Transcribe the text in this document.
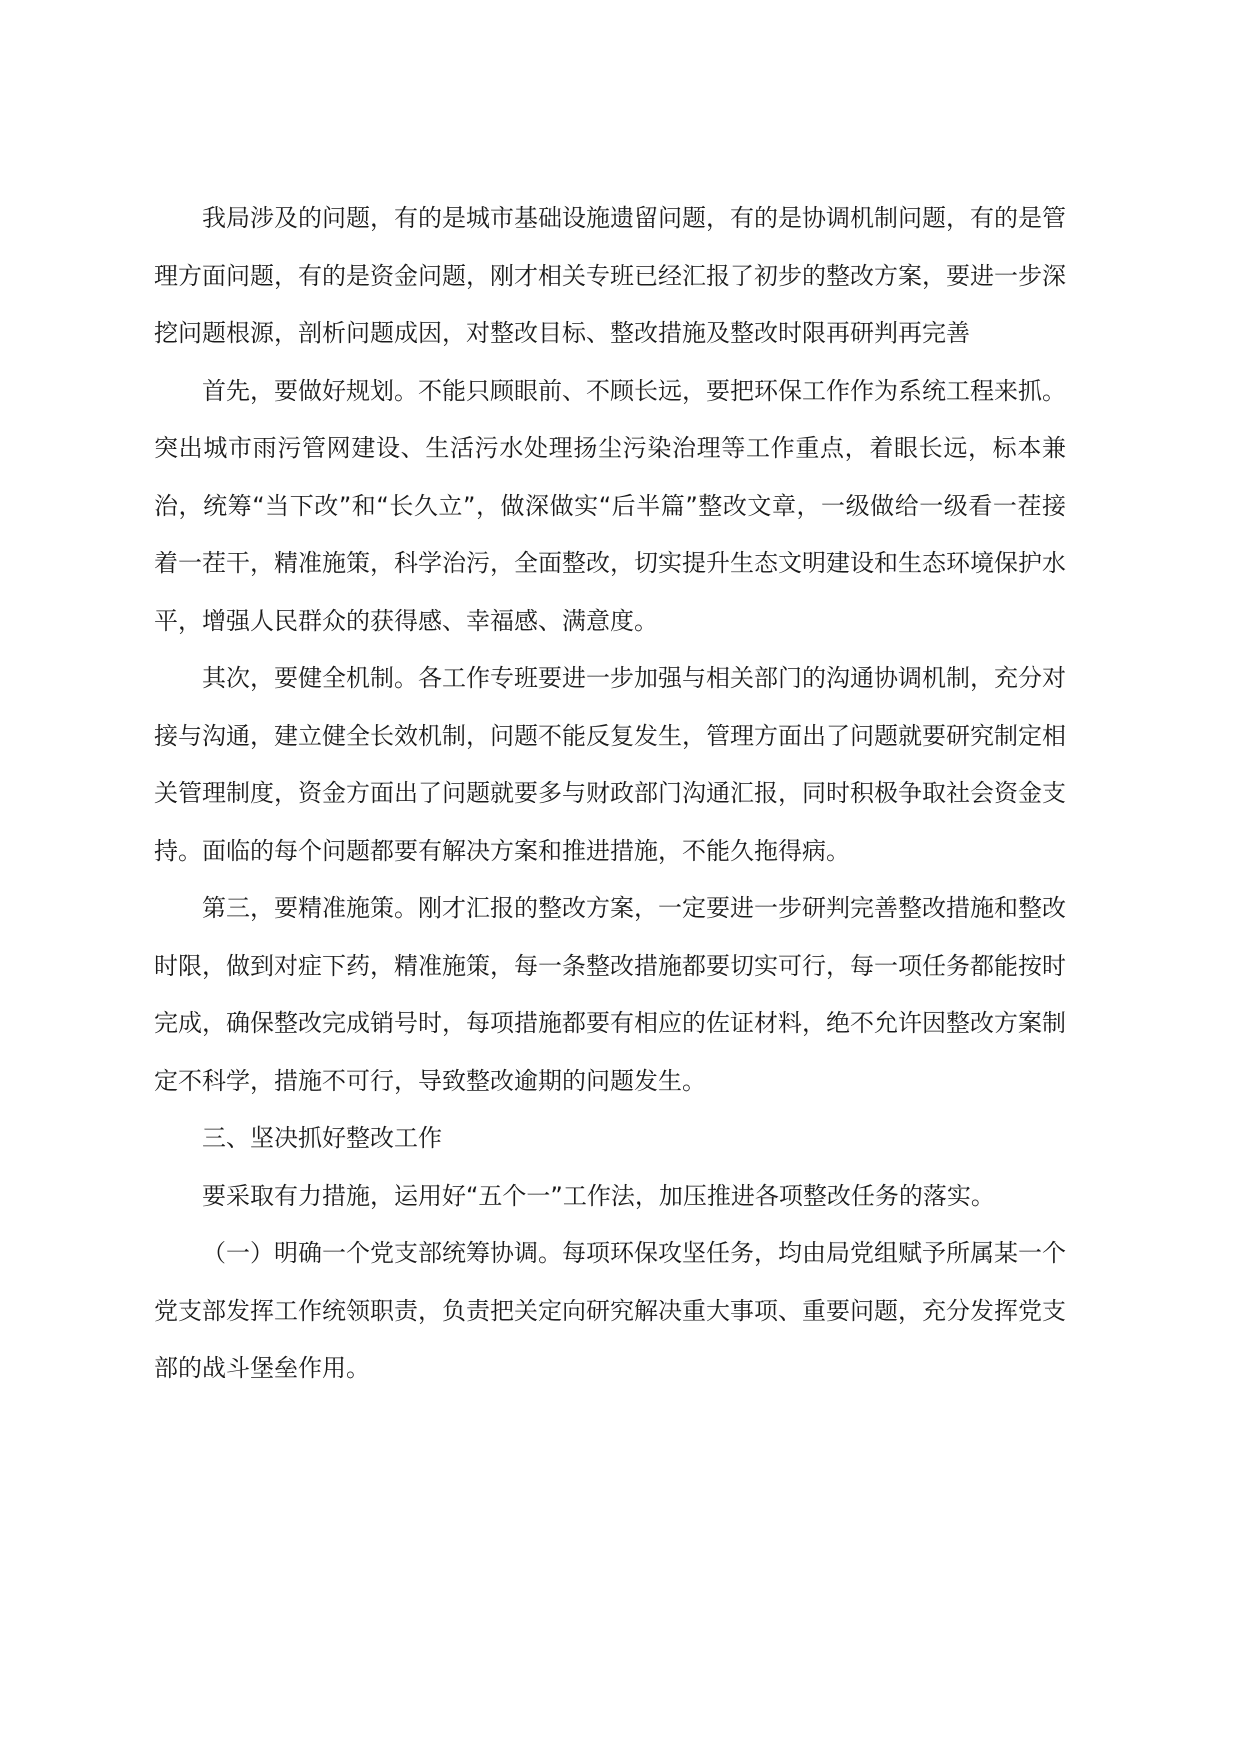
我局涉及的问题，有的是城市基础设施遗留问题，有的是协调机制问题，有的是管理方面问题，有的是资金问题，刚才相关专班已经汇报了初步的整改方案，要进一步深挖问题根源，剖析问题成因，对整改目标、整改措施及整改时限再研判再完善

首先，要做好规划。不能只顾眼前、不顾长远，要把环保工作作为系统工程来抓。突出城市雨污管网建设、生活污水处理扬尘污染治理等工作重点，着眼长远，标本兼治，统筹“当下改”和“长久立”，做深做实“后半篇”整改文章，一级做给一级看一茬接着一茬干，精准施策，科学治污，全面整改，切实提升生态文明建设和生态环境保护水平，增强人民群众的获得感、幸福感、满意度。

其次，要健全机制。各工作专班要进一步加强与相关部门的沟通协调机制，充分对接与沟通，建立健全长效机制，问题不能反复发生，管理方面出了问题就要研究制定相关管理制度，资金方面出了问题就要多与财政部门沟通汇报，同时积极争取社会资金支持。面临的每个问题都要有解决方案和推进措施，不能久拖得病。

第三，要精准施策。刚才汇报的整改方案，一定要进一步研判完善整改措施和整改时限，做到对症下药，精准施策，每一条整改措施都要切实可行，每一项任务都能按时完成，确保整改完成销号时，每项措施都要有相应的佐证材料，绝不允许因整改方案制定不科学，措施不可行，导致整改逾期的问题发生。

三、坚决抓好整改工作

要采取有力措施，运用好“五个一”工作法，加压推进各项整改任务的落实。

（一）明确一个党支部统筹协调。每项环保攻坚任务，均由局党组赋予所属某一个党支部发挥工作统领职责，负责把关定向研究解决重大事项、重要问题，充分发挥党支部的战斗堡垒作用。
